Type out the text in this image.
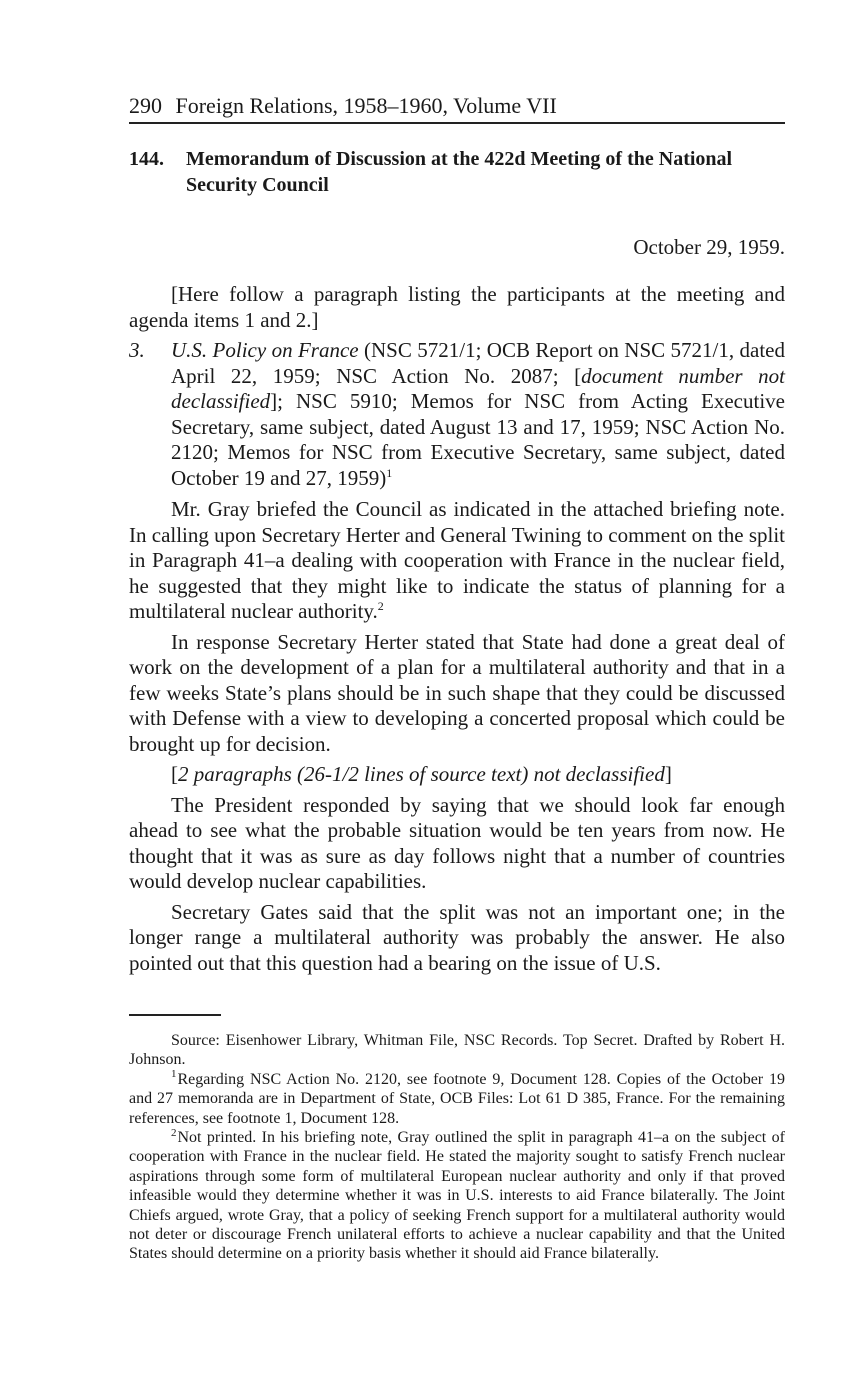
290 Foreign Relations, 1958–1960, Volume VII
144.	Memorandum of Discussion at the 422d Meeting of the National Security Council
October 29, 1959.

[Here follow a paragraph listing the participants at the meeting and agenda items 1 and 2.]

3.	U.S. Policy on France (NSC 5721/1; OCB Report on NSC 5721/1, dated April 22, 1959; NSC Action No. 2087; [document number not declassified]; NSC 5910; Memos for NSC from Acting Executive Secretary, same subject, dated August 13 and 17, 1959; NSC Action No. 2120; Memos for NSC from Executive Secretary, same subject, dated October 19 and 27, 1959)$^1$

Mr. Gray briefed the Council as indicated in the attached briefing note. In calling upon Secretary Herter and General Twining to comment on the split in Paragraph 41–a dealing with cooperation with France in the nuclear field, he suggested that they might like to indicate the status of planning for a multilateral nuclear authority.$^2$

In response Secretary Herter stated that State had done a great deal of work on the development of a plan for a multilateral authority and that in a few weeks State’s plans should be in such shape that they could be discussed with Defense with a view to developing a concerted proposal which could be brought up for decision.

[2 paragraphs (26-1/2 lines of source text) not declassified]

The President responded by saying that we should look far enough ahead to see what the probable situation would be ten years from now. He thought that it was as sure as day follows night that a number of countries would develop nuclear capabilities.

Secretary Gates said that the split was not an important one; in the longer range a multilateral authority was probably the answer. He also pointed out that this question had a bearing on the issue of U.S.

Source: Eisenhower Library, Whitman File, NSC Records. Top Secret. Drafted by Robert H. Johnson.

$^1$Regarding NSC Action No. 2120, see footnote 9, Document 128. Copies of the October 19 and 27 memoranda are in Department of State, OCB Files: Lot 61 D 385, France. For the remaining references, see footnote 1, Document 128.

$^2$Not printed. In his briefing note, Gray outlined the split in paragraph 41–a on the subject of cooperation with France in the nuclear field. He stated the majority sought to satisfy French nuclear aspirations through some form of multilateral European nuclear authority and only if that proved infeasible would they determine whether it was in U.S. interests to aid France bilaterally. The Joint Chiefs argued, wrote Gray, that a policy of seeking French support for a multilateral authority would not deter or discourage French unilateral efforts to achieve a nuclear capability and that the United States should determine on a priority basis whether it should aid France bilaterally.
